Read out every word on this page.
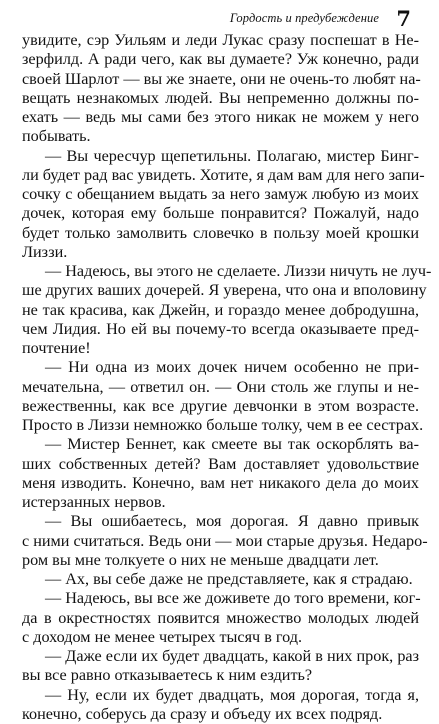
Гордость и предубеждение 7
увидите, сэр Уильям и леди Лукас сразу поспешат в Не-
зерфилд. А ради чего, как вы думаете? Уж конечно, ради
своей Шарлот — вы же знаете, они не очень-то любят на-
вещать незнакомых людей. Вы непременно должны по-
ехать — ведь мы сами без этого никак не можем у него
побывать.
— Вы чересчур щепетильны. Полагаю, мистер Бинг-
ли будет рад вас увидеть. Хотите, я дам вам для него запи-
сочку с обещанием выдать за него замуж любую из моих
дочек, которая ему больше понравится? Пожалуй, надо
будет только замолвить словечко в пользу моей крошки
Лиззи.
— Надеюсь, вы этого не сделаете. Лиззи ничуть не луч-
ше других ваших дочерей. Я уверена, что она и вполовину
не так красива, как Джейн, и гораздо менее добродушна,
чем Лидия. Но ей вы почему-то всегда оказываете пред-
почтение!
— Ни одна из моих дочек ничем особенно не при-
мечательна, — ответил он. — Они столь же глупы и не-
вежественны, как все другие девчонки в этом возрасте.
Просто в Лиззи немножко больше толку, чем в ее сестрах.
— Мистер Беннет, как смеете вы так оскорблять ва-
ших собственных детей? Вам доставляет удовольствие
меня изводить. Конечно, вам нет никакого дела до моих
истерзанных нервов.
— Вы ошибаетесь, моя дорогая. Я давно привык
с ними считаться. Ведь они — мои старые друзья. Недаро-
ром вы мне толкуете о них не меньше двадцати лет.
— Ах, вы себе даже не представляете, как я страдаю.
— Надеюсь, вы все же доживете до того времени, ког-
да в окрестностях появится множество молодых людей
с доходом не менее четырех тысяч в год.
— Даже если их будет двадцать, какой в них прок, раз
вы все равно отказываетесь к ним ездить?
— Ну, если их будет двадцать, моя дорогая, тогда я,
конечно, соберусь да сразу и объеду их всех подряд.
